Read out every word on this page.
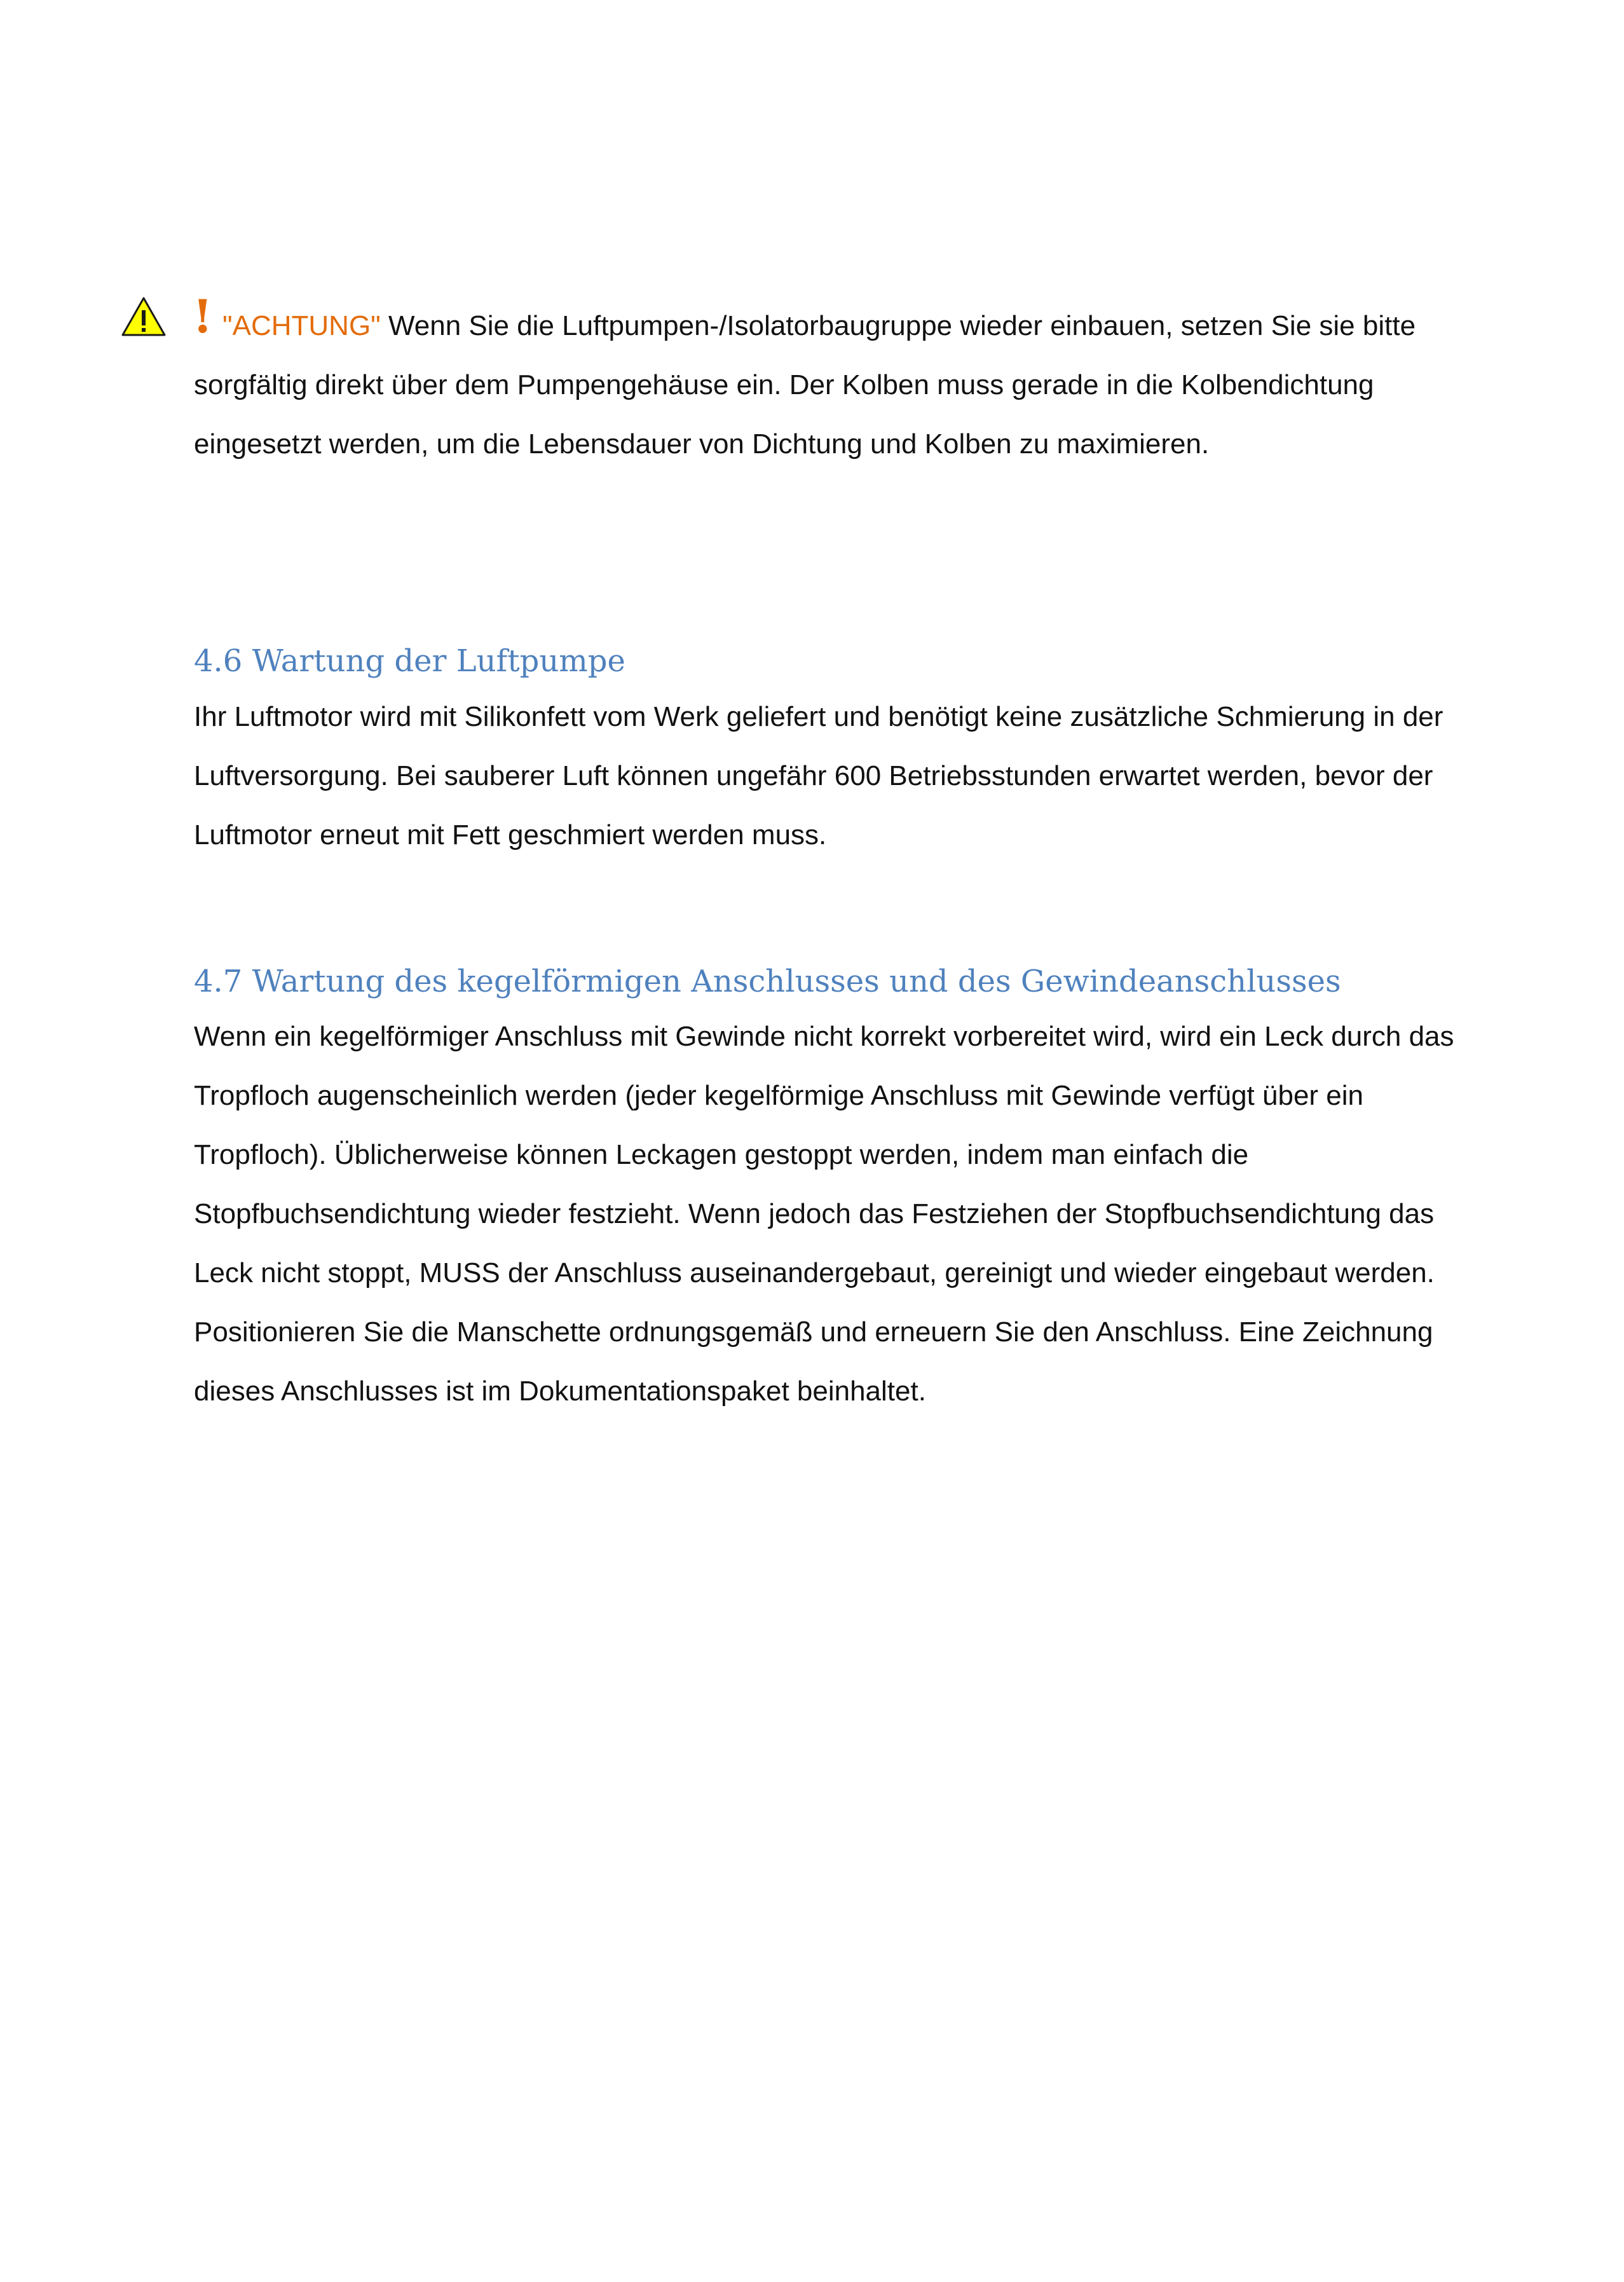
! "ACHTUNG" Wenn Sie die Luftpumpen-/Isolatorbaugruppe wieder einbauen, setzen Sie sie bitte sorgfältig direkt über dem Pumpengehäuse ein. Der Kolben muss gerade in die Kolbendichtung eingesetzt werden, um die Lebensdauer von Dichtung und Kolben zu maximieren.

4.6 Wartung der Luftpumpe

Ihr Luftmotor wird mit Silikonfett vom Werk geliefert und benötigt keine zusätzliche Schmierung in der Luftversorgung. Bei sauberer Luft können ungefähr 600 Betriebsstunden erwartet werden, bevor der Luftmotor erneut mit Fett geschmiert werden muss.

4.7 Wartung des kegelförmigen Anschlusses und des Gewindeanschlusses

Wenn ein kegelförmiger Anschluss mit Gewinde nicht korrekt vorbereitet wird, wird ein Leck durch das Tropfloch augenscheinlich werden (jeder kegelförmige Anschluss mit Gewinde verfügt über ein Tropfloch). Üblicherweise können Leckagen gestoppt werden, indem man einfach die Stopfbuchsendichtung wieder festzieht. Wenn jedoch das Festziehen der Stopfbuchsendichtung das Leck nicht stoppt, MUSS der Anschluss auseinandergebaut, gereinigt und wieder eingebaut werden. Positionieren Sie die Manschette ordnungsgemäß und erneuern Sie den Anschluss. Eine Zeichnung dieses Anschlusses ist im Dokumentationspaket beinhaltet.
